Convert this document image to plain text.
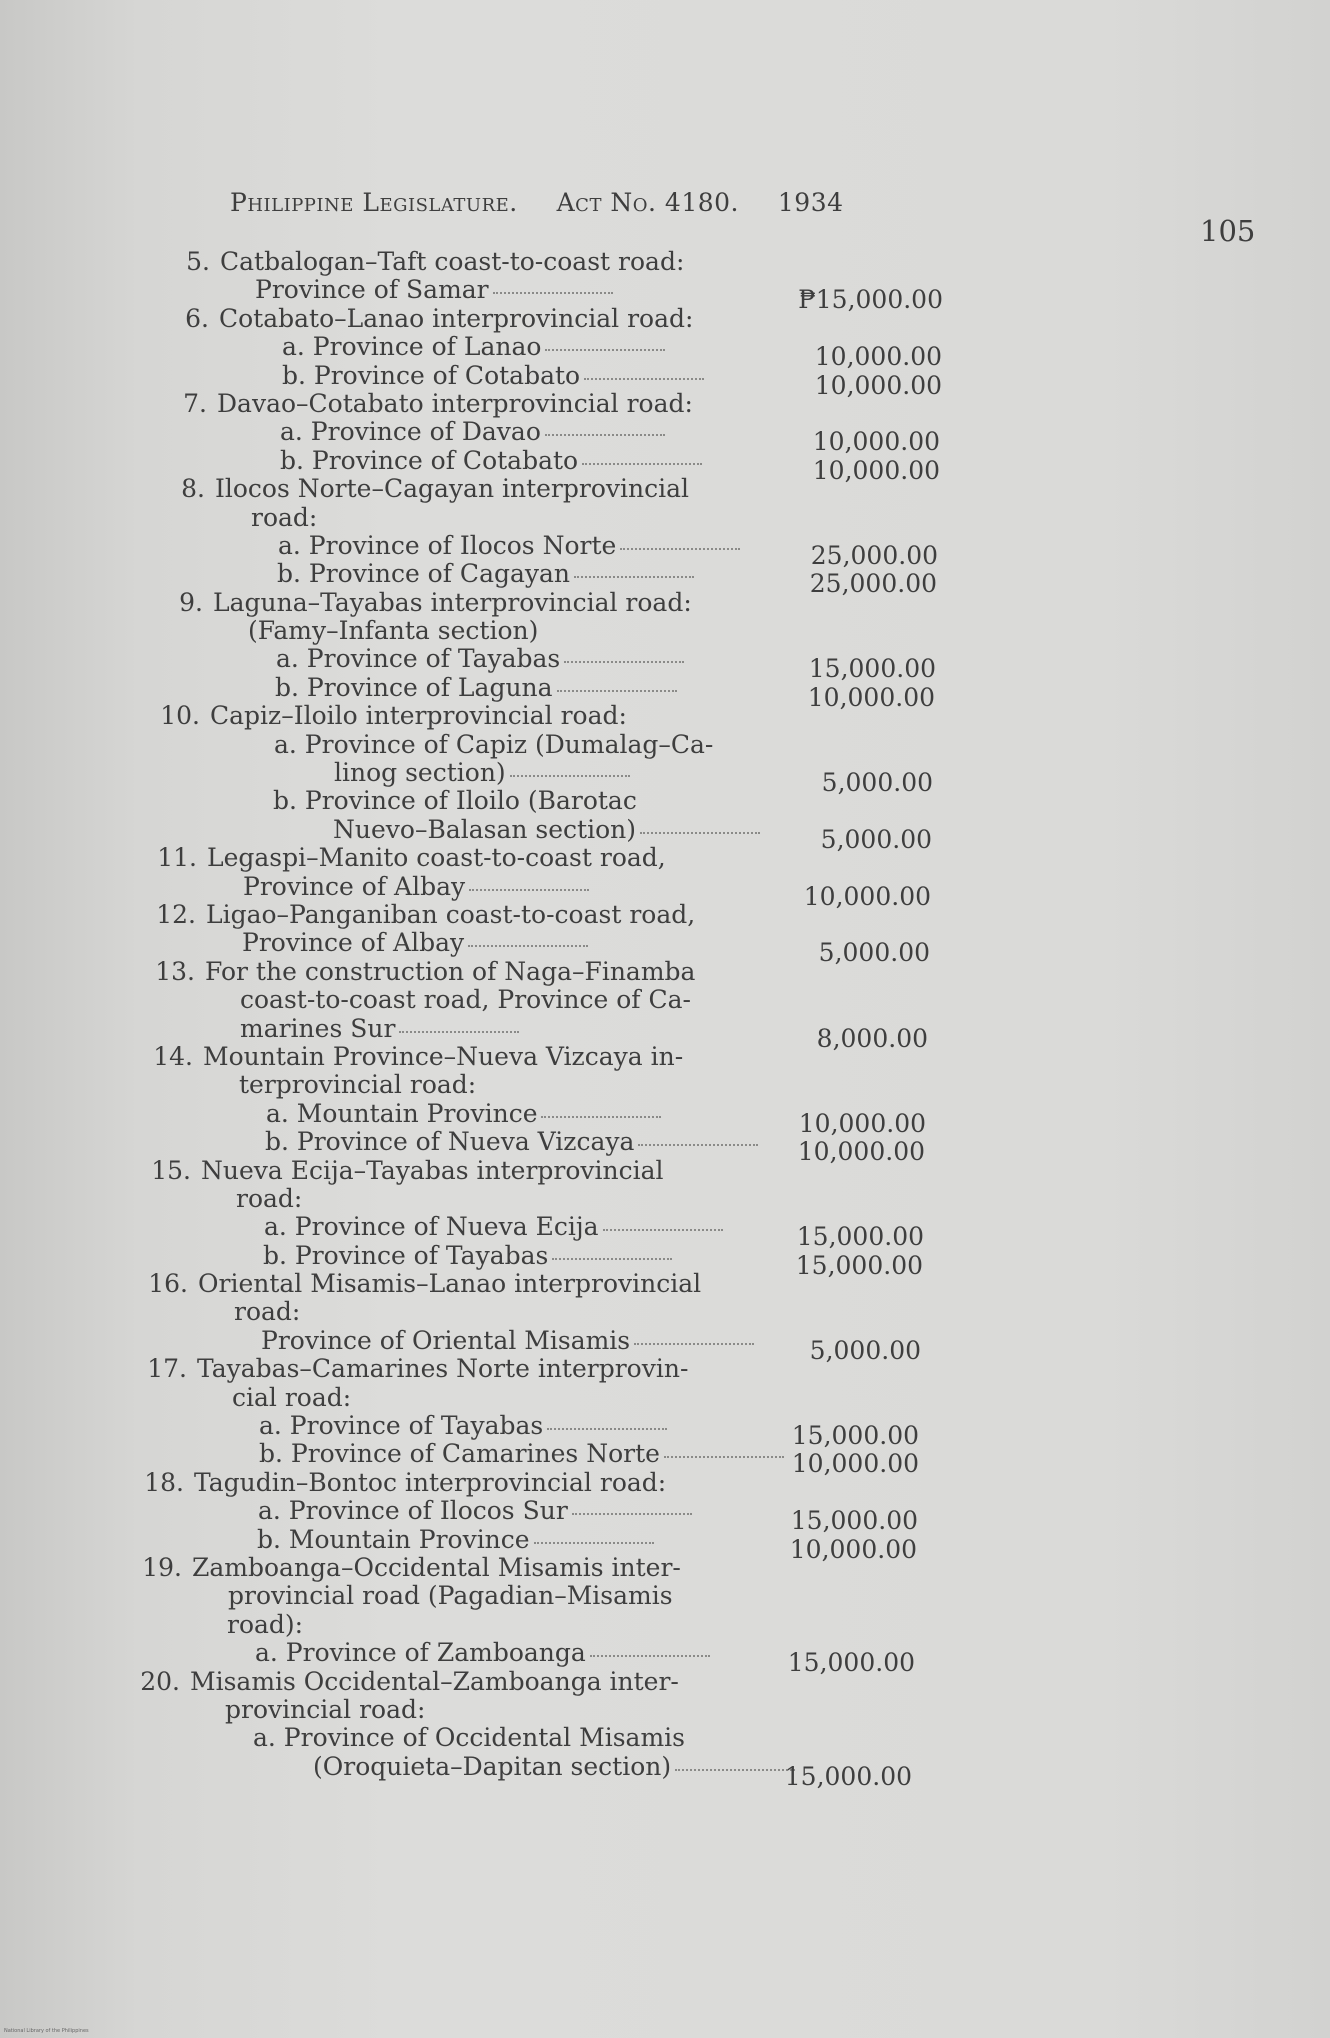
Philippine Legislature. Act No. 4180. 1934
105
5. Catbalogan–Taft coast-to-coast road:
Province of Samar	₱15,000.00
6. Cotabato–Lanao interprovincial road:
a. Province of Lanao	10,000.00
b. Province of Cotabato	10,000.00
7. Davao–Cotabato interprovincial road:
a. Province of Davao	10,000.00
b. Province of Cotabato	10,000.00
8. Ilocos Norte–Cagayan interprovincial
road:
a. Province of Ilocos Norte	25,000.00
b. Province of Cagayan	25,000.00
9. Laguna–Tayabas interprovincial road:
(Famy–Infanta section)
a. Province of Tayabas	15,000.00
b. Province of Laguna	10,000.00
10. Capiz–Iloilo interprovincial road:
a. Province of Capiz (Dumalag–Ca-
linog section)	5,000.00
b. Province of Iloilo (Barotac
Nuevo–Balasan section)	5,000.00
11. Legaspi–Manito coast-to-coast road,
Province of Albay	10,000.00
12. Ligao–Panganiban coast-to-coast road,
Province of Albay	5,000.00
13. For the construction of Naga–Finamba
coast-to-coast road, Province of Ca-
marines Sur	8,000.00
14. Mountain Province–Nueva Vizcaya in-
terprovincial road:
a. Mountain Province	10,000.00
b. Province of Nueva Vizcaya	10,000.00
15. Nueva Ecija–Tayabas interprovincial
road:
a. Province of Nueva Ecija	15,000.00
b. Province of Tayabas	15,000.00
16. Oriental Misamis–Lanao interprovincial
road:
Province of Oriental Misamis	5,000.00
17. Tayabas–Camarines Norte interprovin-
cial road:
a. Province of Tayabas	15,000.00
b. Province of Camarines Norte	10,000.00
18. Tagudin–Bontoc interprovincial road:
a. Province of Ilocos Sur	15,000.00
b. Mountain Province	10,000.00
19. Zamboanga–Occidental Misamis inter-
provincial road (Pagadian–Misamis
road):
a. Province of Zamboanga	15,000.00
20. Misamis Occidental–Zamboanga inter-
provincial road:
a. Province of Occidental Misamis
(Oroquieta–Dapitan section)	15,000.00
National Library of the Philippines
